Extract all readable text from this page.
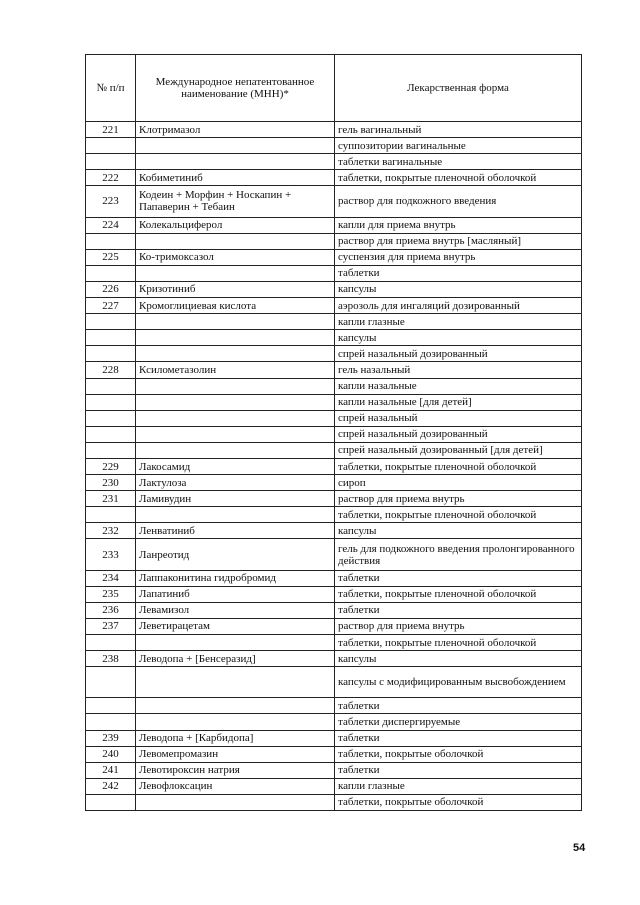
№ п/п	Международное непатентованное наименование (МНН)*	Лекарственная форма
221	Клотримазол	гель вагинальный
		суппозитории вагинальные
		таблетки вагинальные
222	Кобиметиниб	таблетки, покрытые пленочной оболочкой
223	Кодеин + Морфин + Носкапин + Папаверин + Тебаин	раствор для подкожного введения
224	Колекальциферол	капли для приема внутрь
		раствор для приема внутрь [масляный]
225	Ко-тримоксазол	суспензия для приема внутрь
		таблетки
226	Кризотиниб	капсулы
227	Кромоглициевая кислота	аэрозоль для ингаляций дозированный
		капли глазные
		капсулы
		спрей назальный дозированный
228	Ксилометазолин	гель назальный
		капли назальные
		капли назальные [для детей]
		спрей назальный
		спрей назальный дозированный
		спрей назальный дозированный [для детей]
229	Лакосамид	таблетки, покрытые пленочной оболочкой
230	Лактулоза	сироп
231	Ламивудин	раствор для приема внутрь
		таблетки, покрытые пленочной оболочкой
232	Ленватиниб	капсулы
233	Ланреотид	гель для подкожного введения пролонгированного действия
234	Лаппаконитина гидробромид	таблетки
235	Лапатиниб	таблетки, покрытые пленочной оболочкой
236	Левамизол	таблетки
237	Леветирацетам	раствор для приема внутрь
		таблетки, покрытые пленочной оболочкой
238	Леводопа + [Бенсеразид]	капсулы
		капсулы с модифицированным высвобождением
		таблетки
		таблетки диспергируемые
239	Леводопа + [Карбидопа]	таблетки
240	Левомепромазин	таблетки, покрытые оболочкой
241	Левотироксин натрия	таблетки
242	Левофлоксацин	капли глазные
		таблетки, покрытые оболочкой
54
